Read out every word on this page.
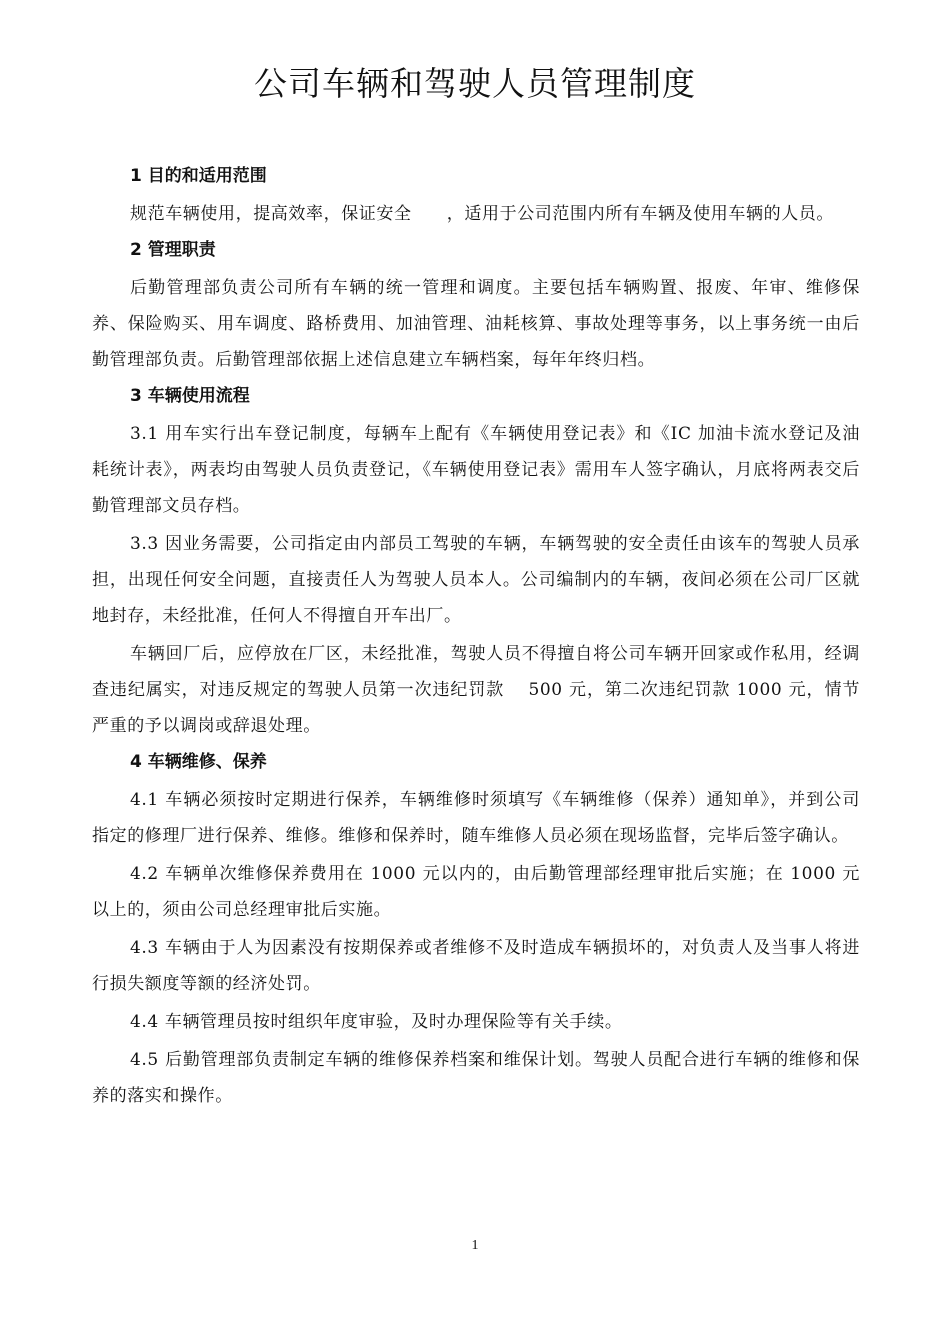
公司车辆和驾驶人员管理制度

1 目的和适用范围

规范车辆使用，提高效率，保证安全　　，适用于公司范围内所有车辆及使用车辆的人员。

2 管理职责

后勤管理部负责公司所有车辆的统一管理和调度。主要包括车辆购置、报废、年审、维修保养、保险购买、用车调度、路桥费用、加油管理、油耗核算、事故处理等事务，以上事务统一由后勤管理部负责。后勤管理部依据上述信息建立车辆档案，每年年终归档。

3 车辆使用流程

3.1 用车实行出车登记制度，每辆车上配有《车辆使用登记表》和《IC 加油卡流水登记及油耗统计表》，两表均由驾驶人员负责登记，《车辆使用登记表》需用车人签字确认，月底将两表交后勤管理部文员存档。

3.3 因业务需要，公司指定由内部员工驾驶的车辆，车辆驾驶的安全责任由该车的驾驶人员承担，出现任何安全问题，直接责任人为驾驶人员本人。公司编制内的车辆，夜间必须在公司厂区就地封存，未经批准，任何人不得擅自开车出厂。

车辆回厂后，应停放在厂区，未经批准，驾驶人员不得擅自将公司车辆开回家或作私用，经调查违纪属实，对违反规定的驾驶人员第一次违纪罚款　 500 元，第二次违纪罚款 1000 元，情节严重的予以调岗或辞退处理。

4 车辆维修、保养

4.1 车辆必须按时定期进行保养，车辆维修时须填写《车辆维修（保养）通知单》，并到公司指定的修理厂进行保养、维修。维修和保养时，随车维修人员必须在现场监督，完毕后签字确认。

4.2 车辆单次维修保养费用在 1000 元以内的，由后勤管理部经理审批后实施；在 1000 元以上的，须由公司总经理审批后实施。

4.3 车辆由于人为因素没有按期保养或者维修不及时造成车辆损坏的，对负责人及当事人将进行损失额度等额的经济处罚。

4.4 车辆管理员按时组织年度审验，及时办理保险等有关手续。

4.5 后勤管理部负责制定车辆的维修保养档案和维保计划。驾驶人员配合进行车辆的维修和保养的落实和操作。

1
